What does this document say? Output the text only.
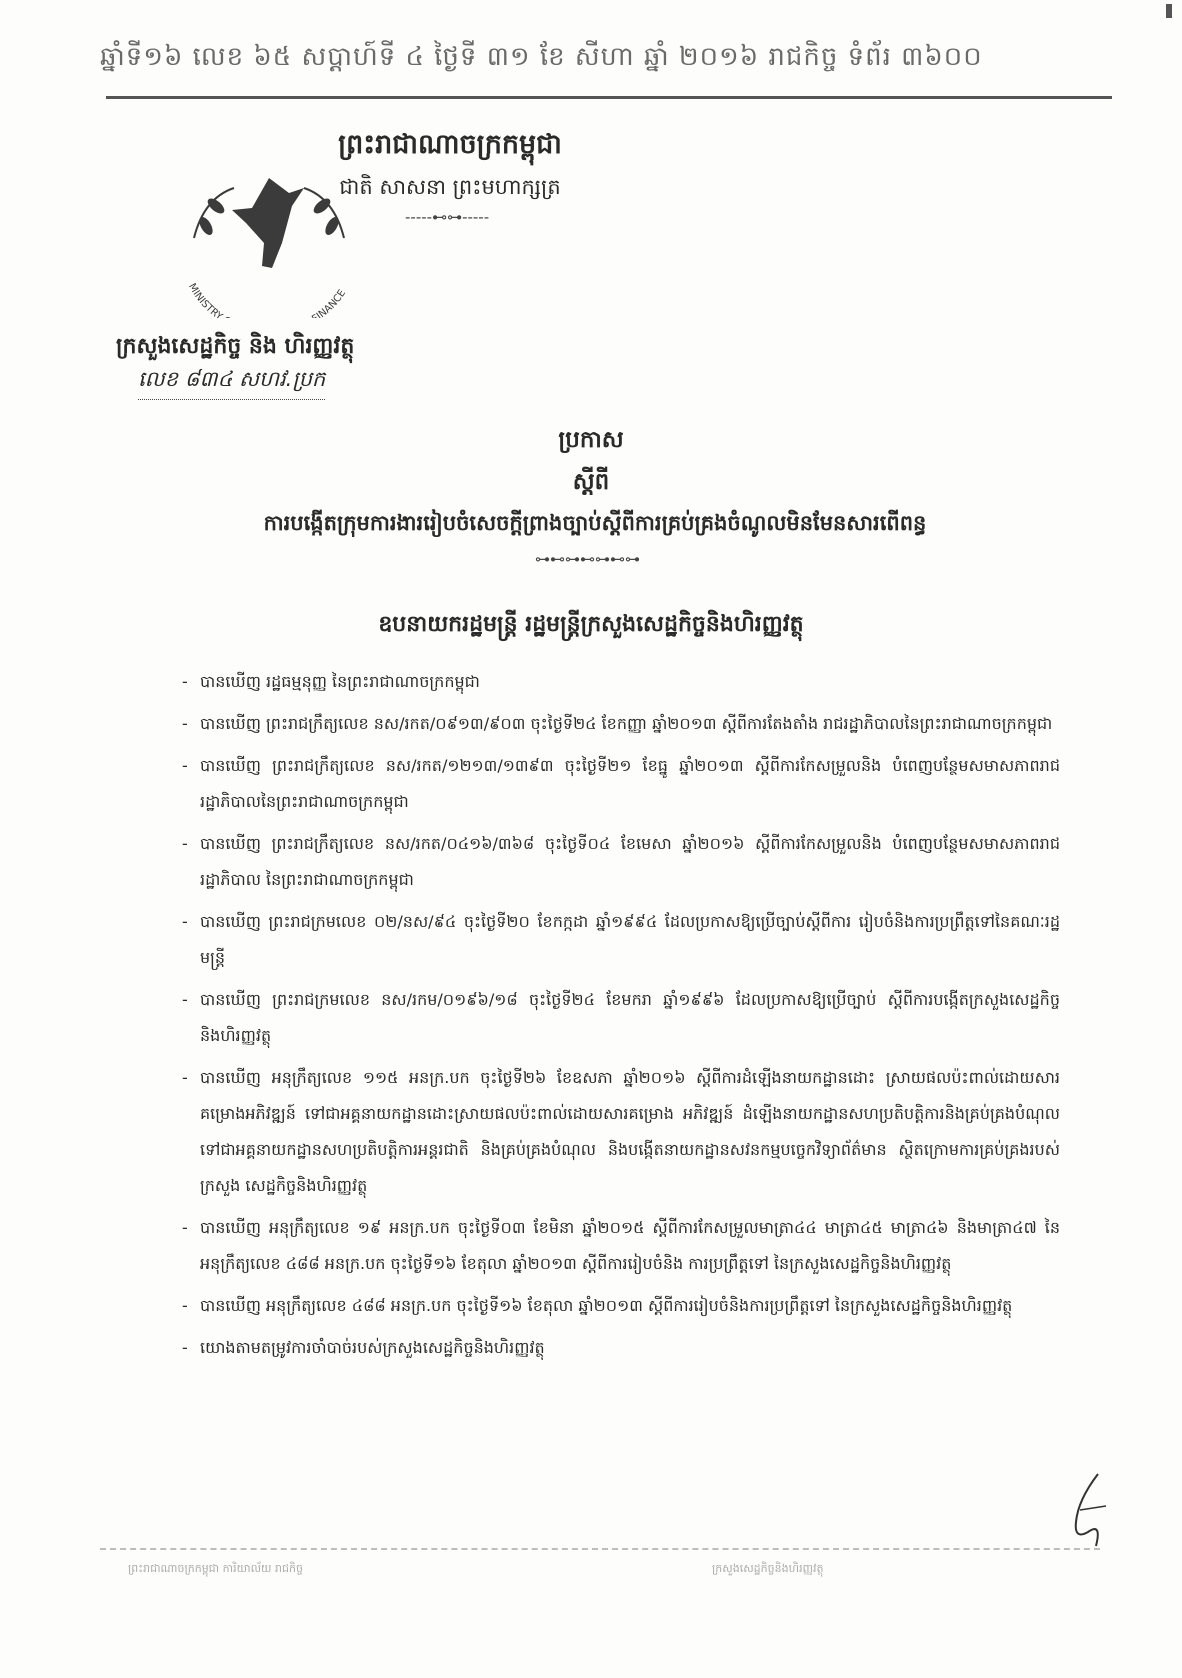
ឆ្នាំទី១៦ លេខ ៦៥ សប្ដាហ៍ទី ៤ ថ្ងៃទី ៣១ ខែ សីហា ឆ្នាំ ២០១៦ រាជកិច្ច ទំព័រ ៣៦០០
ព្រះរាជាណាចក្រកម្ពុជា
ជាតិ សាសនា ព្រះមហាក្សត្រ
-----⊷⊶-----
MINISTRY INANCE
ក្រសួងសេដ្ឋកិច្ច និង ហិរញ្ញវត្ថុ
លេខ ៨៣៤ សហវ.ប្រក
ប្រកាស
ស្ដីពី
ការបង្កើតក្រុមការងាររៀបចំសេចក្ដីព្រាងច្បាប់ស្ដីពីការគ្រប់គ្រងចំណូលមិនមែនសារពើពន្ធ
⊶⊷⊶⊷⊶⊷⊶
ឧបនាយករដ្ឋមន្ត្រី រដ្ឋមន្ត្រីក្រសួងសេដ្ឋកិច្ចនិងហិរញ្ញវត្ថុ
- បានឃើញ រដ្ឋធម្មនុញ្ញ នៃព្រះរាជាណាចក្រកម្ពុជា
- បានឃើញ ព្រះរាជក្រឹត្យលេខ នស/រកត/០៩១៣/៩០៣ ចុះថ្ងៃទី២៤ ខែកញ្ញា ឆ្នាំ២០១៣ ស្ដីពីការតែងតាំង រាជរដ្ឋាភិបាលនៃព្រះរាជាណាចក្រកម្ពុជា
- បានឃើញ ព្រះរាជក្រឹត្យលេខ នស/រកត/១២១៣/១៣៩៣ ចុះថ្ងៃទី២១ ខែធ្នូ ឆ្នាំ២០១៣ ស្ដីពីការកែសម្រួលនិង បំពេញបន្ថែមសមាសភាពរាជរដ្ឋាភិបាលនៃព្រះរាជាណាចក្រកម្ពុជា
- បានឃើញ ព្រះរាជក្រឹត្យលេខ នស/រកត/០៤១៦/៣៦៨ ចុះថ្ងៃទី០៤ ខែមេសា ឆ្នាំ២០១៦ ស្ដីពីការកែសម្រួលនិង បំពេញបន្ថែមសមាសភាពរាជរដ្ឋាភិបាល នៃព្រះរាជាណាចក្រកម្ពុជា
- បានឃើញ ព្រះរាជក្រមលេខ ០២/នស/៩៤ ចុះថ្ងៃទី២០ ខែកក្កដា ឆ្នាំ១៩៩៤ ដែលប្រកាសឱ្យប្រើច្បាប់ស្ដីពីការ រៀបចំនិងការប្រព្រឹត្តទៅនៃគណៈរដ្ឋមន្ត្រី
- បានឃើញ ព្រះរាជក្រមលេខ នស/រកម/០១៩៦/១៨ ចុះថ្ងៃទី២៤ ខែមករា ឆ្នាំ១៩៩៦ ដែលប្រកាសឱ្យប្រើច្បាប់ ស្ដីពីការបង្កើតក្រសួងសេដ្ឋកិច្ចនិងហិរញ្ញវត្ថុ
- បានឃើញ អនុក្រឹត្យលេខ ១១៥ អនក្រ.បក ចុះថ្ងៃទី២៦ ខែឧសភា ឆ្នាំ២០១៦ ស្ដីពីការដំឡើងនាយកដ្ឋានដោះ ស្រាយផលប៉ះពាល់ដោយសារគម្រោងអភិវឌ្ឍន៍ ទៅជាអគ្គនាយកដ្ឋានដោះស្រាយផលប៉ះពាល់ដោយសារគម្រោង អភិវឌ្ឍន៍ ដំឡើងនាយកដ្ឋានសហប្រតិបត្តិការនិងគ្រប់គ្រងបំណុល ទៅជាអគ្គនាយកដ្ឋានសហប្រតិបត្តិការអន្តរជាតិ និងគ្រប់គ្រងបំណុល និងបង្កើតនាយកដ្ឋានសវនកម្មបច្ចេកវិទ្យាព័ត៌មាន ស្ថិតក្រោមការគ្រប់គ្រងរបស់ក្រសួង សេដ្ឋកិច្ចនិងហិរញ្ញវត្ថុ
- បានឃើញ អនុក្រឹត្យលេខ ១៩ អនក្រ.បក ចុះថ្ងៃទី០៣ ខែមិនា ឆ្នាំ២០១៥ ស្ដីពីការកែសម្រួលមាត្រា៤៤ មាត្រា៤៥ មាត្រា៤៦ និងមាត្រា៤៧ នៃអនុក្រឹត្យលេខ ៤៨៨ អនក្រ.បក ចុះថ្ងៃទី១៦ ខែតុលា ឆ្នាំ២០១៣ ស្ដីពីការរៀបចំនិង ការប្រព្រឹត្តទៅ នៃក្រសួងសេដ្ឋកិច្ចនិងហិរញ្ញវត្ថុ
- បានឃើញ អនុក្រឹត្យលេខ ៤៨៨ អនក្រ.បក ចុះថ្ងៃទី១៦ ខែតុលា ឆ្នាំ២០១៣ ស្ដីពីការរៀបចំនិងការប្រព្រឹត្តទៅ នៃក្រសួងសេដ្ឋកិច្ចនិងហិរញ្ញវត្ថុ
- យោងតាមតម្រូវការចាំបាច់របស់ក្រសួងសេដ្ឋកិច្ចនិងហិរញ្ញវត្ថុ
ព្រះរាជាណាចក្រកម្ពុជា ការិយាល័យ រាជកិច្ច	ក្រសួងសេដ្ឋកិច្ចនិងហិរញ្ញវត្ថុ
